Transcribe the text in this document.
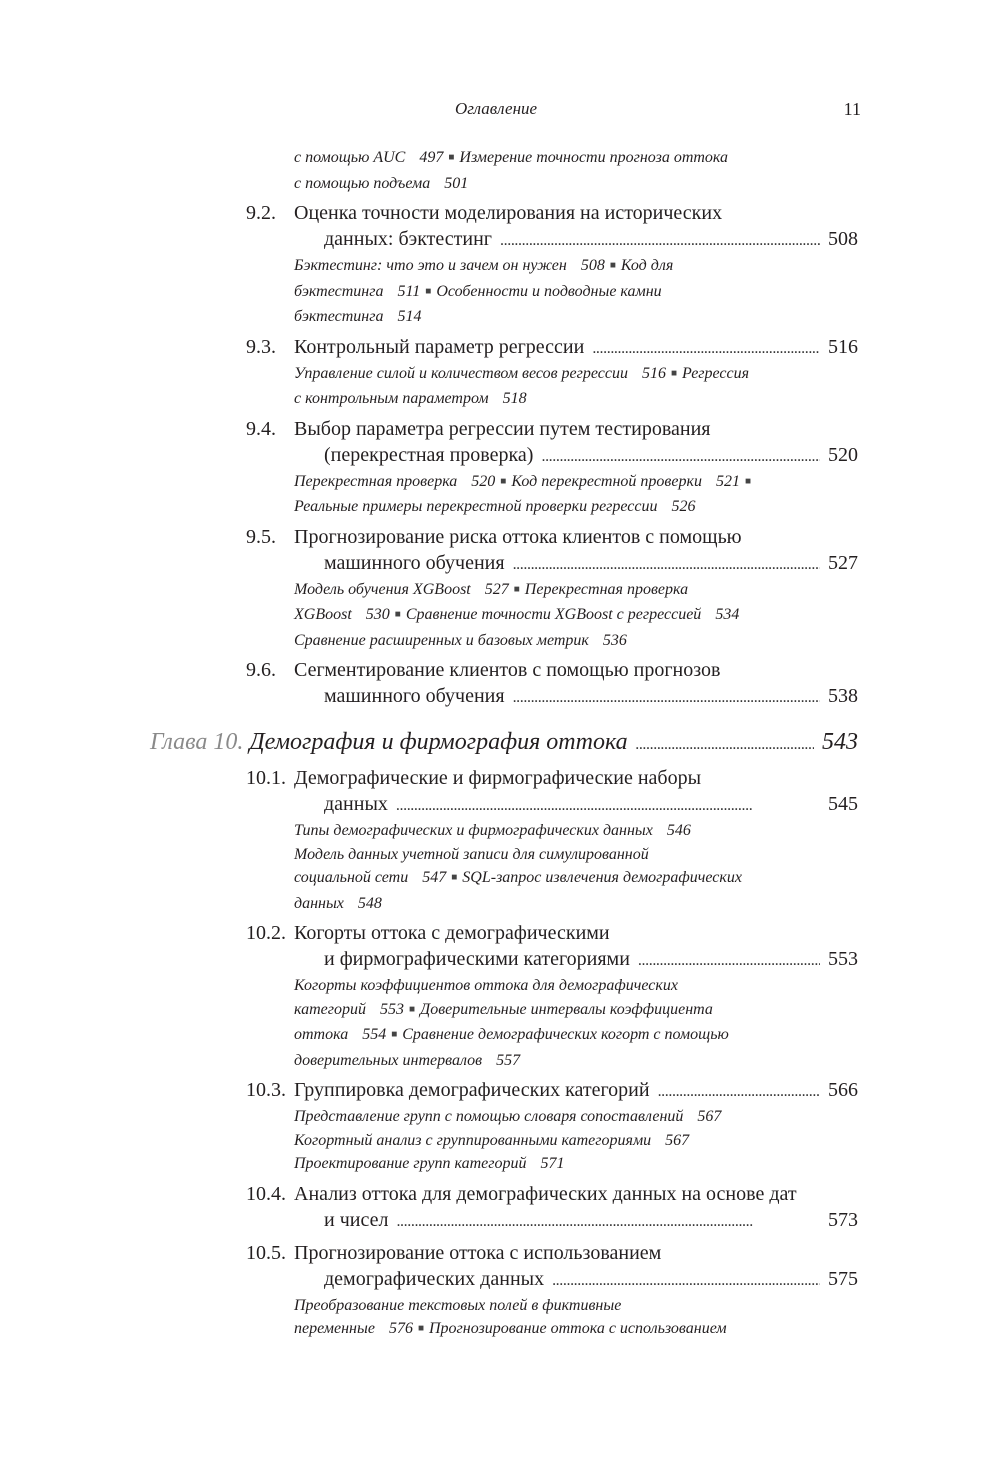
Оглавление	11
с помощью AUC 497 ■ Измерение точности прогноза оттока
с помощью подъема 501
9.2. Оценка точности моделирования на исторических
данных: бэктестинг . . .	508
Бэктестинг: что это и зачем он нужен 508 ■ Код для
бэктестинга 511 ■ Особенности и подводные камни
бэктестинга 514
9.3. Контрольный параметр регрессии . . .	516
Управление силой и количеством весов регрессии 516 ■ Регрессия
с контрольным параметром 518
9.4. Выбор параметра регрессии путем тестирования
(перекрестная проверка) . . .	520
Перекрестная проверка 520 ■ Код перекрестной проверки 521 ■
Реальные примеры перекрестной проверки регрессии 526
9.5. Прогнозирование риска оттока клиентов с помощью
машинного обучения . . .	527
Модель обучения XGBoost 527 ■ Перекрестная проверка
XGBoost 530 ■ Сравнение точности XGBoost с регрессией 534
Сравнение расширенных и базовых метрик 536
9.6. Сегментирование клиентов с помощью прогнозов
машинного обучения . . .	538
Глава 10. Демография и фирмография оттока . . .	543
10.1. Демографические и фирмографические наборы
данных . . .	545
Типы демографических и фирмографических данных 546
Модель данных учетной записи для симулированной
социальной сети 547 ■ SQL-запрос извлечения демографических
данных 548
10.2. Когорты оттока с демографическими
и фирмографическими категориями . . .	553
Когорты коэффициентов оттока для демографических
категорий 553 ■ Доверительные интервалы коэффициента
оттока 554 ■ Сравнение демографических когорт с помощью
доверительных интервалов 557
10.3. Группировка демографических категорий . . .	566
Представление групп с помощью словаря сопоставлений 567
Когортный анализ с группированными категориями 567
Проектирование групп категорий 571
10.4. Анализ оттока для демографических данных на основе дат
и чисел . . .	573
10.5. Прогнозирование оттока с использованием
демографических данных . . .	575
Преобразование текстовых полей в фиктивные
переменные 576 ■ Прогнозирование оттока с использованием
